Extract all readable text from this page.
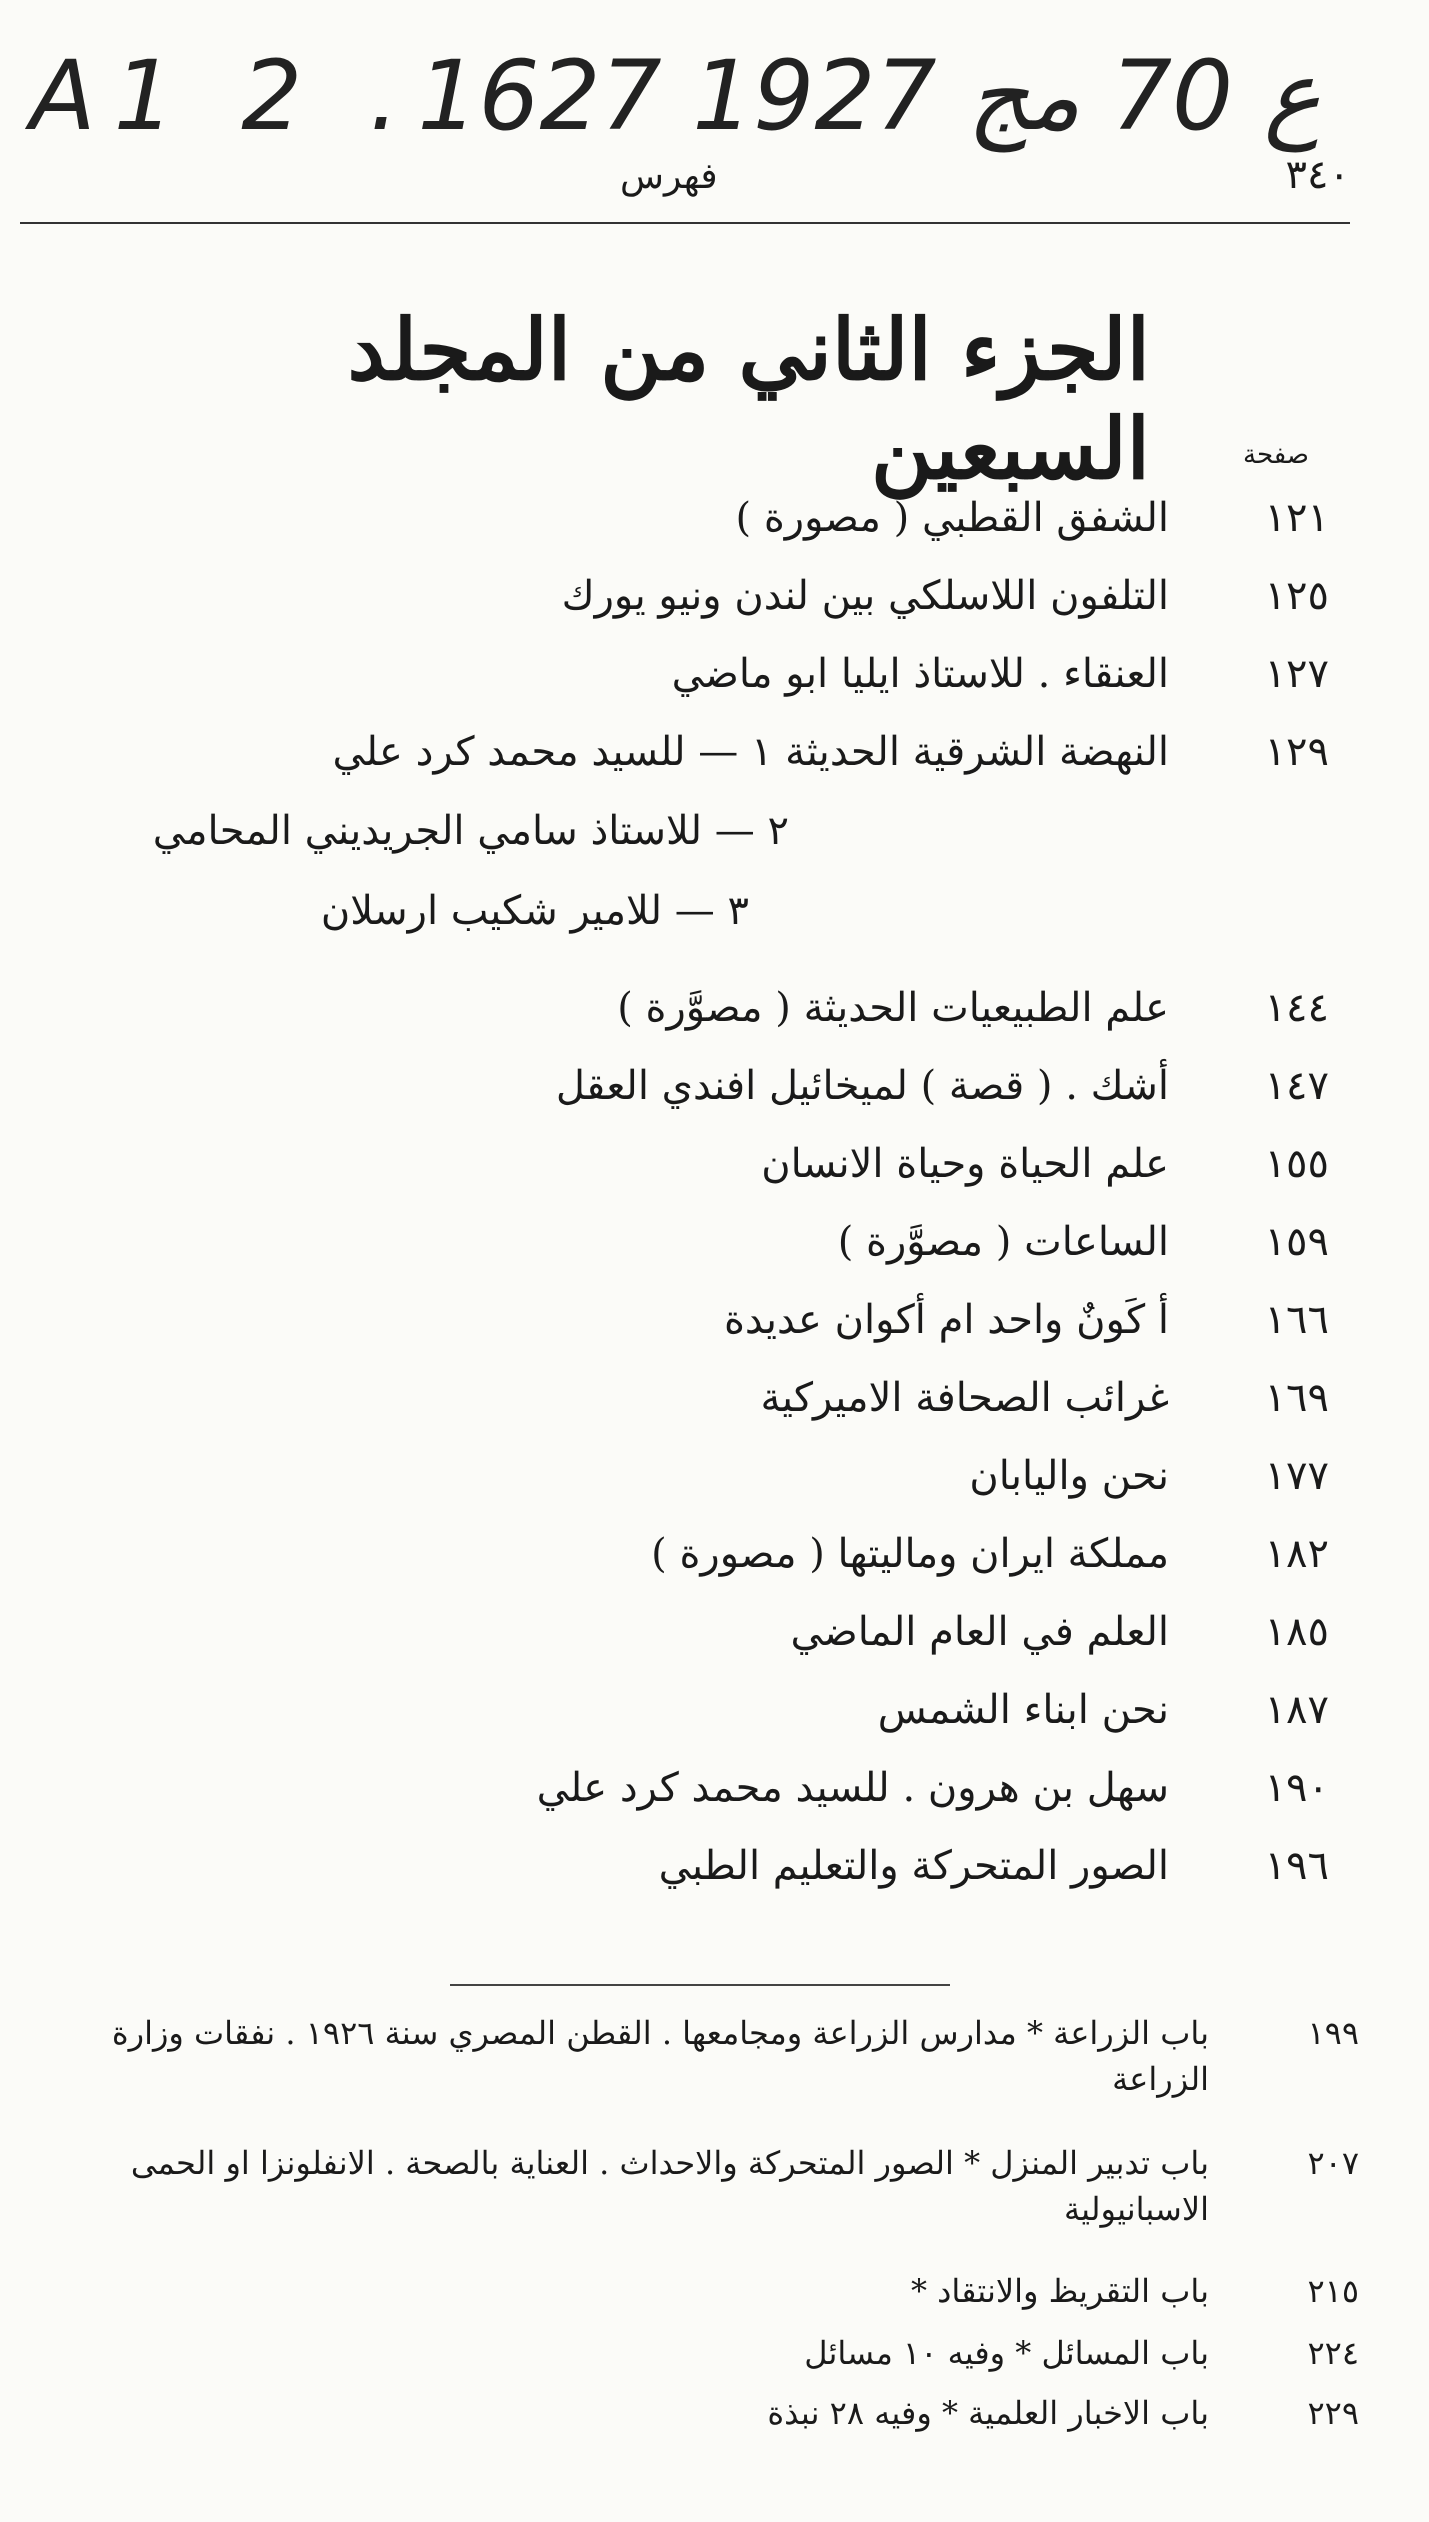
A1 2 .ع 70 مج 1927 1627
٣٤٠
فهرس
الجزء الثاني من المجلد السبعين	صفحة
١٢١
الشفق القطبي ( مصورة )
١٢٥
التلفون اللاسلكي بين لندن ونيو يورك
١٢٧
العنقاء . للاستاذ ايليا ابو ماضي
١٢٩
النهضة الشرقية الحديثة ١ — للسيد محمد كرد علي
٢ — للاستاذ سامي الجريديني المحامي
٣ — للامير شكيب ارسلان
١٤٤
علم الطبيعيات الحديثة ( مصوَّرة )
١٤٧
أشك . ( قصة ) لميخائيل افندي العقل
١٥٥
علم الحياة وحياة الانسان
١٥٩
الساعات ( مصوَّرة )
١٦٦
أ كَونٌ واحد ام أكوان عديدة
١٦٩
غرائب الصحافة الاميركية
١٧٧
نحن واليابان
١٨٢
مملكة ايران وماليتها ( مصورة )
١٨٥
العلم في العام الماضي
١٨٧
نحن ابناء الشمس
١٩٠
سهل بن هرون . للسيد محمد كرد علي
١٩٦
الصور المتحركة والتعليم الطبي
١٩٩
باب الزراعة * مدارس الزراعة ومجامعها . القطن المصري سنة ١٩٢٦ . نفقات وزارة الزراعة
٢٠٧
باب تدبير المنزل * الصور المتحركة والاحداث . العناية بالصحة . الانفلونزا او الحمى الاسبانيولية
٢١٥
باب التقريظ والانتقاد *
٢٢٤
باب المسائل * وفيه ١٠ مسائل
٢٢٩
باب الاخبار العلمية * وفيه ٢٨ نبذة
